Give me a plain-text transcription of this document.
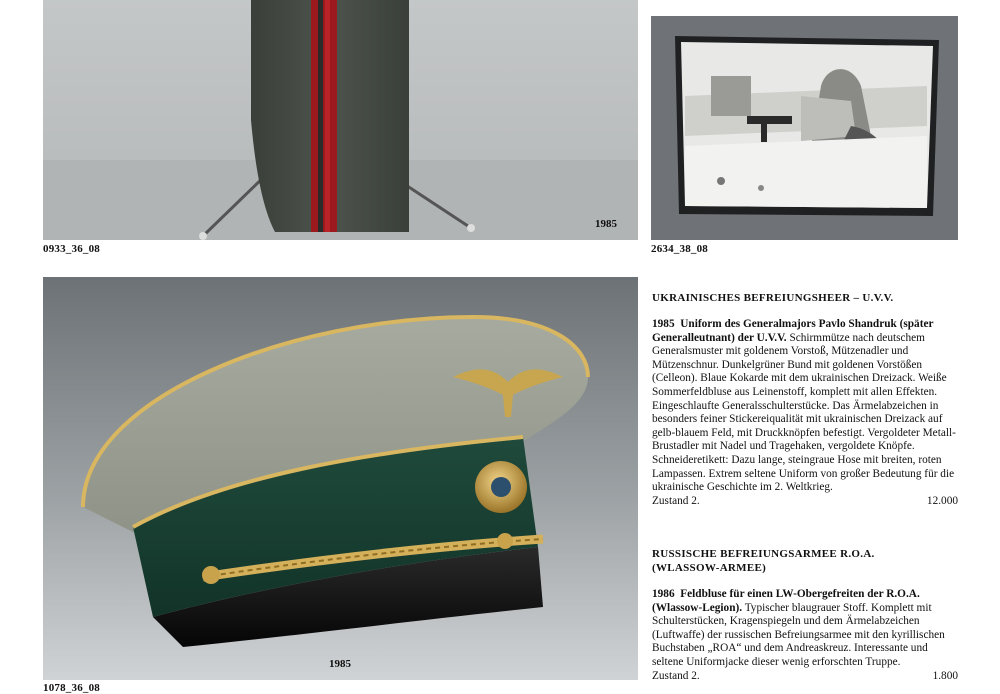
1985
0933_36_08	2634_38_08
1985
1078_36_08
UKRAINISCHES BEFREIUNGSHEER – U.V.V.
1985 Uniform des Generalmajors Pavlo Shandruk (später Generalleutnant) der U.V.V. Schirmmütze nach deutschem Generalsmuster mit goldenem Vorstoß, Mützenadler und Mützenschnur. Dunkelgrüner Bund mit goldenen Vorstößen (Celleon). Blaue Kokarde mit dem ukrainischen Dreizack. Weiße Sommerfeldbluse aus Leinenstoff, komplett mit allen Effekten. Eingeschlaufte Generalsschulterstücke. Das Ärmelabzeichen in besonders feiner Stickereiqualität mit ukrainischen Dreizack auf gelb-blauem Feld, mit Druckknöpfen befestigt. Vergoldeter Metall-Brustadler mit Nadel und Tragehaken, vergoldete Knöpfe. Schneideretikett: Dazu lange, steingraue Hose mit breiten, roten Lampassen. Extrem seltene Uniform von großer Bedeutung für die ukrainische Geschichte im 2. Weltkrieg.
Zustand 2.	12.000
RUSSISCHE BEFREIUNGSARMEE R.O.A.
(WLASSOW-ARMEE)
1986 Feldbluse für einen LW-Obergefreiten der R.O.A. (Wlassow-Legion). Typischer blaugrauer Stoff. Komplett mit Schulterstücken, Kragenspiegeln und dem Ärmelabzeichen (Luftwaffe) der russischen Befreiungsarmee mit den kyrillischen Buchstaben „ROA“ und dem Andreaskreuz. Interessante und seltene Uniformjacke dieser wenig erforschten Truppe.
Zustand 2.	1.800
